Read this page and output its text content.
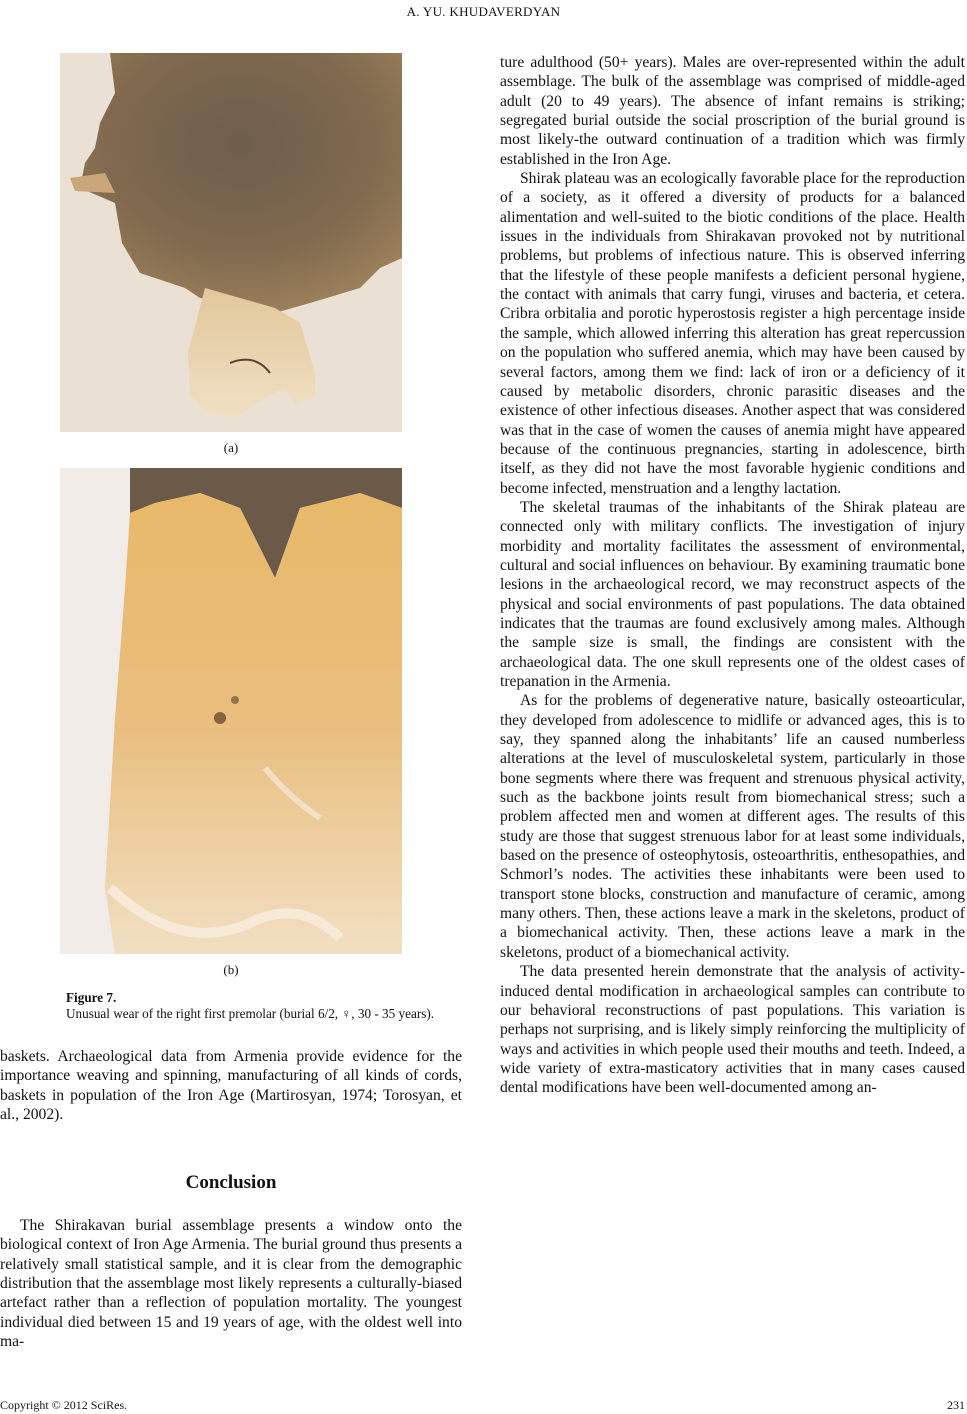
A. YU. KHUDAVERDYAN
(a)
(b)
Figure 7.
Unusual wear of the right first premolar (burial 6/2, ♀, 30 - 35 years).

baskets. Archaeological data from Armenia provide evidence for the importance weaving and spinning, manufacturing of all kinds of cords, baskets in population of the Iron Age (Martirosyan, 1974; Torosyan, et al., 2002).

Conclusion

The Shirakavan burial assemblage presents a window onto the biological context of Iron Age Armenia. The burial ground thus presents a relatively small statistical sample, and it is clear from the demographic distribution that the assemblage most likely represents a culturally-biased artefact rather than a reflection of population mortality. The youngest individual died between 15 and 19 years of age, with the oldest well into ma-

ture adulthood (50+ years). Males are over-represented within the adult assemblage. The bulk of the assemblage was comprised of middle-aged adult (20 to 49 years). The absence of infant remains is striking; segregated burial outside the social proscription of the burial ground is most likely-the outward continuation of a tradition which was firmly established in the Iron Age.

Shirak plateau was an ecologically favorable place for the reproduction of a society, as it offered a diversity of products for a balanced alimentation and well-suited to the biotic conditions of the place. Health issues in the individuals from Shirakavan provoked not by nutritional problems, but problems of infectious nature. This is observed inferring that the lifestyle of these people manifests a deficient personal hygiene, the contact with animals that carry fungi, viruses and bacteria, et cetera. Cribra orbitalia and porotic hyperostosis register a high percentage inside the sample, which allowed inferring this alteration has great repercussion on the population who suffered anemia, which may have been caused by several factors, among them we find: lack of iron or a deficiency of it caused by metabolic disorders, chronic parasitic diseases and the existence of other infectious diseases. Another aspect that was considered was that in the case of women the causes of anemia might have appeared because of the continuous pregnancies, starting in adolescence, birth itself, as they did not have the most favorable hygienic conditions and become infected, menstruation and a lengthy lactation.

The skeletal traumas of the inhabitants of the Shirak plateau are connected only with military conflicts. The investigation of injury morbidity and mortality facilitates the assessment of environmental, cultural and social influences on behaviour. By examining traumatic bone lesions in the archaeological record, we may reconstruct aspects of the physical and social environments of past populations. The data obtained indicates that the traumas are found exclusively among males. Although the sample size is small, the findings are consistent with the archaeological data. The one skull represents one of the oldest cases of trepanation in the Armenia.

As for the problems of degenerative nature, basically osteoarticular, they developed from adolescence to midlife or advanced ages, this is to say, they spanned along the inhabitants’ life an caused numberless alterations at the level of musculoskeletal system, particularly in those bone segments where there was frequent and strenuous physical activity, such as the backbone joints result from biomechanical stress; such a problem affected men and women at different ages. The results of this study are those that suggest strenuous labor for at least some individuals, based on the presence of osteophytosis, osteoarthritis, enthesopathies, and Schmorl’s nodes. The activities these inhabitants were been used to transport stone blocks, construction and manufacture of ceramic, among many others. Then, these actions leave a mark in the skeletons, product of a biomechanical activity. Then, these actions leave a mark in the skeletons, product of a biomechanical activity.

The data presented herein demonstrate that the analysis of activity-induced dental modification in archaeological samples can contribute to our behavioral reconstructions of past populations. This variation is perhaps not surprising, and is likely simply reinforcing the multiplicity of ways and activities in which people used their mouths and teeth. Indeed, a wide variety of extra-masticatory activities that in many cases caused dental modifications have been well-documented among an-

Copyright © 2012 SciRes.	231
